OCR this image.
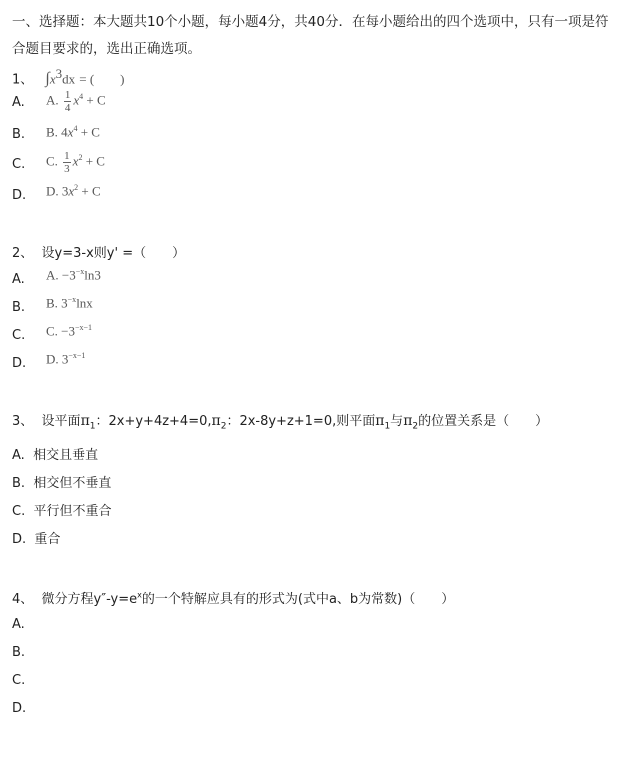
一、选择题：本大题共10个小题，每小题4分，共40分．在每小题给出的四个选项中，只有一项是符
合题目要求的，选出正确选项。
1、 $\int x^3dx$ = (　　)
A. A. $\frac{1}{4} x^4 + C$
B. B. $4x^4 + C$
C. C. $\frac{1}{3} x^2 + C$
D. D. $3x^2 + C$
2、 设y=3-x则y' =（　　）
A. A. $-3^{-x}\ln 3$
B. B. $3^{-x}\ln x$
C. C. $-3^{-x-1}$
D. D. $3^{-x-1}$
3、 设平面$\pi_1$：$2x+y+4z+4=0,\pi_2$：2x-8y+z+1=0,则平面$\pi_1$与$\pi_2$的位置关系是（　　）
A. 相交且垂直
B. 相交但不垂直
C. 平行但不重合
D. 重合
4、 微分方程$y''-y=e^x$的一个特解应具有的形式为(式中a、b为常数)（　　）
A.
B.
C.
D.
